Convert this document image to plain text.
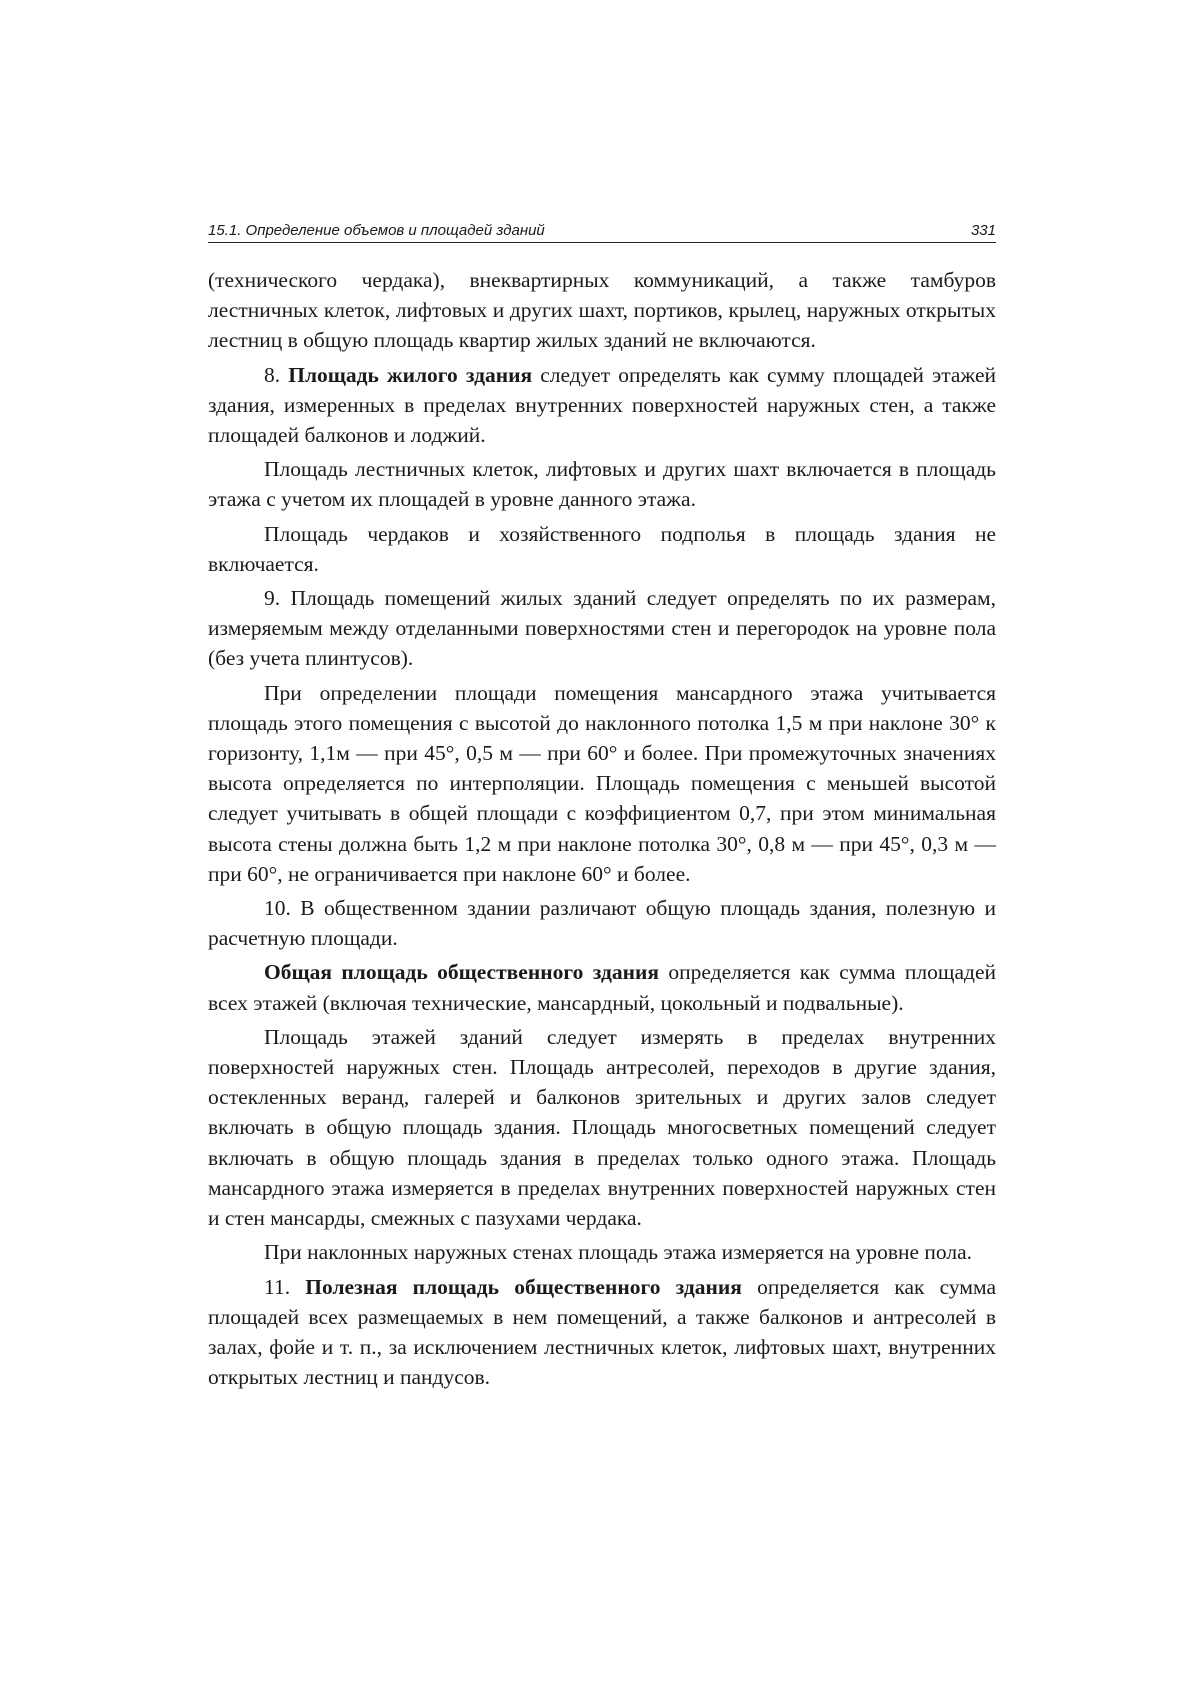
15.1. Определение объемов и площадей зданий	331

(технического чердака), внеквартирных коммуникаций, а также тамбуров лестничных клеток, лифтовых и других шахт, портиков, крылец, наружных открытых лестниц в общую площадь квартир жилых зданий не включаются.

8. Площадь жилого здания следует определять как сумму площадей этажей здания, измеренных в пределах внутренних поверхностей наружных стен, а также площадей балконов и лоджий.

Площадь лестничных клеток, лифтовых и других шахт включается в площадь этажа с учетом их площадей в уровне данного этажа.

Площадь чердаков и хозяйственного подполья в площадь здания не включается.

9. Площадь помещений жилых зданий следует определять по их размерам, измеряемым между отделанными поверхностями стен и перегородок на уровне пола (без учета плинтусов).

При определении площади помещения мансардного этажа учитывается площадь этого помещения с высотой до наклонного потолка 1,5 м при наклоне 30° к горизонту, 1,1м — при 45°, 0,5 м — при 60° и более. При промежуточных значениях высота определяется по интерполяции. Площадь помещения с меньшей высотой следует учитывать в общей площади с коэффициентом 0,7, при этом минимальная высота стены должна быть 1,2 м при наклоне потолка 30°, 0,8 м — при 45°, 0,3 м — при 60°, не ограничивается при наклоне 60° и более.

10. В общественном здании различают общую площадь здания, полезную и расчетную площади.

Общая площадь общественного здания определяется как сумма площадей всех этажей (включая технические, мансардный, цокольный и подвальные).

Площадь этажей зданий следует измерять в пределах внутренних поверхностей наружных стен. Площадь антресолей, переходов в другие здания, остекленных веранд, галерей и балконов зрительных и других залов следует включать в общую площадь здания. Площадь многосветных помещений следует включать в общую площадь здания в пределах только одного этажа. Площадь мансардного этажа измеряется в пределах внутренних поверхностей наружных стен и стен мансарды, смежных с пазухами чердака.

При наклонных наружных стенах площадь этажа измеряется на уровне пола.

11. Полезная площадь общественного здания определяется как сумма площадей всех размещаемых в нем помещений, а также балконов и антресолей в залах, фойе и т. п., за исключением лестничных клеток, лифтовых шахт, внутренних открытых лестниц и пандусов.
